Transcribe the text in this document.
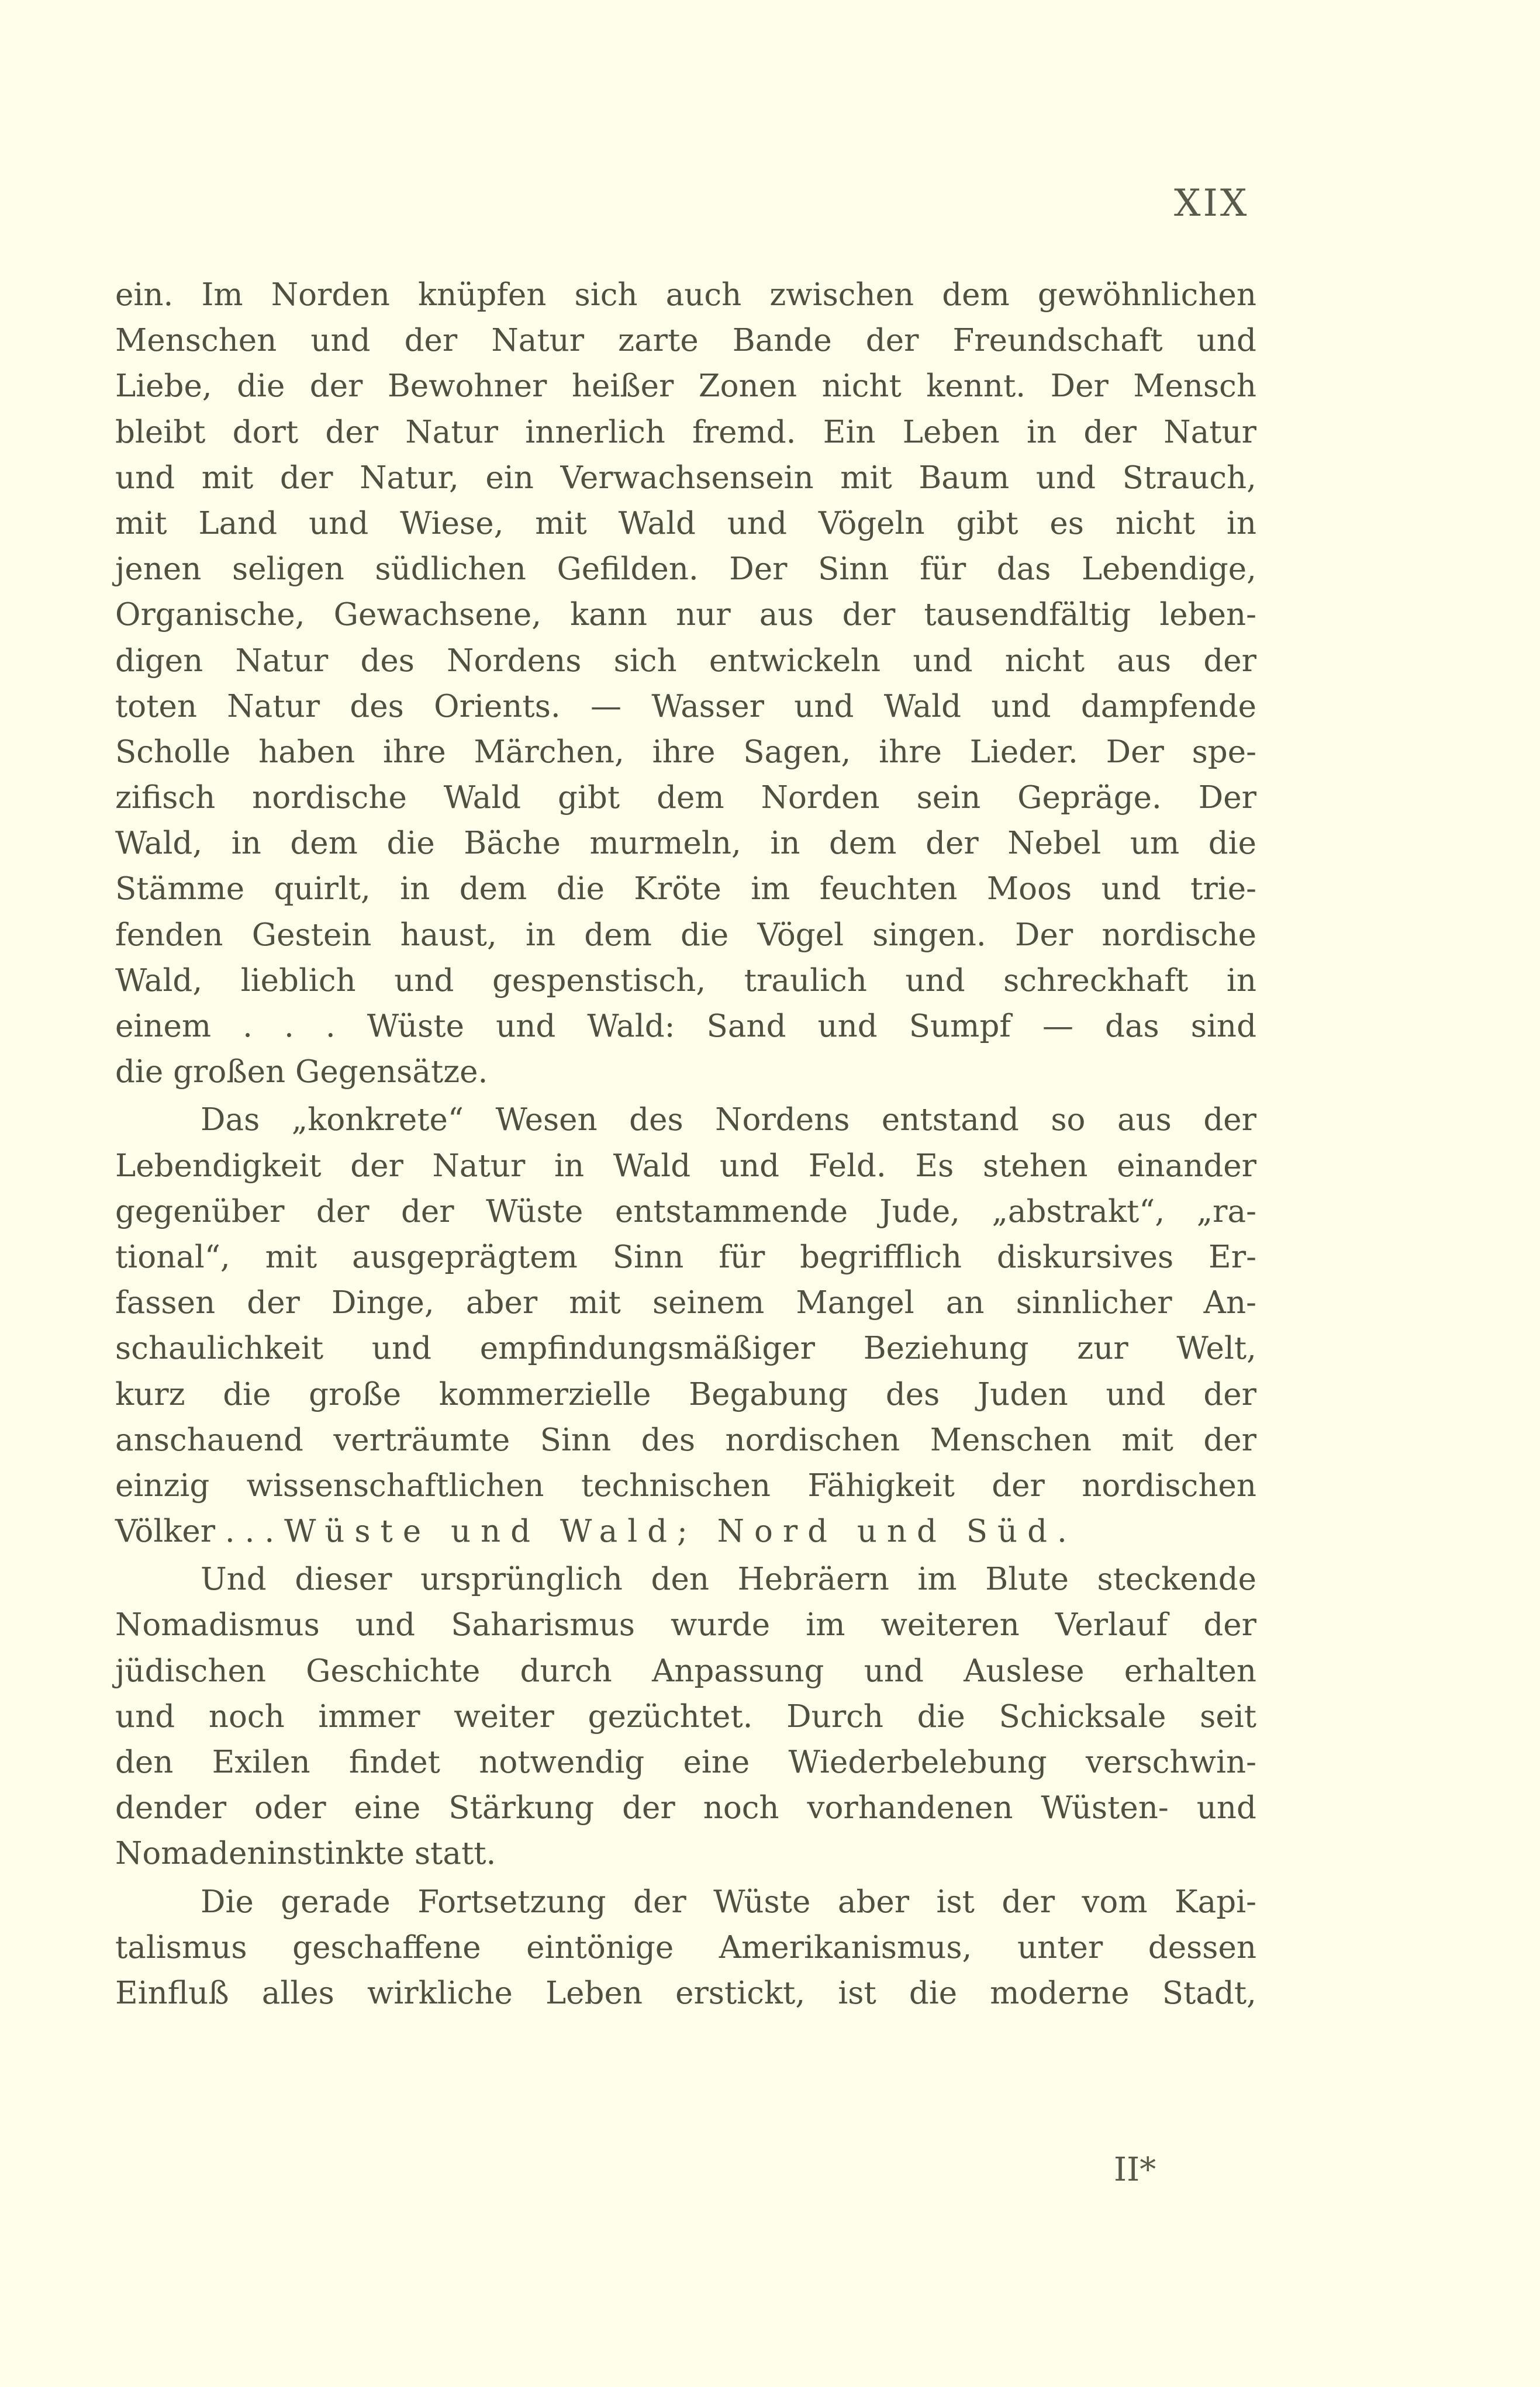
XIX

ein. Im Norden knüpfen sich auch zwischen dem gewöhnlichen
Menschen und der Natur zarte Bande der Freundschaft und
Liebe, die der Bewohner heißer Zonen nicht kennt. Der Mensch
bleibt dort der Natur innerlich fremd. Ein Leben in der Natur
und mit der Natur, ein Verwachsensein mit Baum und Strauch,
mit Land und Wiese, mit Wald und Vögeln gibt es nicht in
jenen seligen südlichen Gefilden. Der Sinn für das Lebendige,
Organische, Gewachsene, kann nur aus der tausendfältig leben-
digen Natur des Nordens sich entwickeln und nicht aus der
toten Natur des Orients. — Wasser und Wald und dampfende
Scholle haben ihre Märchen, ihre Sagen, ihre Lieder. Der spe-
zifisch nordische Wald gibt dem Norden sein Gepräge. Der
Wald, in dem die Bäche murmeln, in dem der Nebel um die
Stämme quirlt, in dem die Kröte im feuchten Moos und trie-
fenden Gestein haust, in dem die Vögel singen. Der nordische
Wald, lieblich und gespenstisch, traulich und schreckhaft in
einem . . . Wüste und Wald: Sand und Sumpf — das sind
die großen Gegensätze.

Das „konkrete“ Wesen des Nordens entstand so aus der
Lebendigkeit der Natur in Wald und Feld. Es stehen einander
gegenüber der der Wüste entstammende Jude, „abstrakt“, „ra-
tional“, mit ausgeprägtem Sinn für begrifflich diskursives Er-
fassen der Dinge, aber mit seinem Mangel an sinnlicher An-
schaulichkeit und empfindungsmäßiger Beziehung zur Welt,
kurz die große kommerzielle Begabung des Juden und der
anschauend verträumte Sinn des nordischen Menschen mit der
einzig wissenschaftlichen technischen Fähigkeit der nordischen
Völker . . . Wüste und Wald; Nord und Süd.

Und dieser ursprünglich den Hebräern im Blute steckende
Nomadismus und Saharismus wurde im weiteren Verlauf der
jüdischen Geschichte durch Anpassung und Auslese erhalten
und noch immer weiter gezüchtet. Durch die Schicksale seit
den Exilen findet notwendig eine Wiederbelebung verschwin-
dender oder eine Stärkung der noch vorhandenen Wüsten- und
Nomadeninstinkte statt.

Die gerade Fortsetzung der Wüste aber ist der vom Kapi-
talismus geschaffene eintönige Amerikanismus, unter dessen
Einfluß alles wirkliche Leben erstickt, ist die moderne Stadt,

II*
